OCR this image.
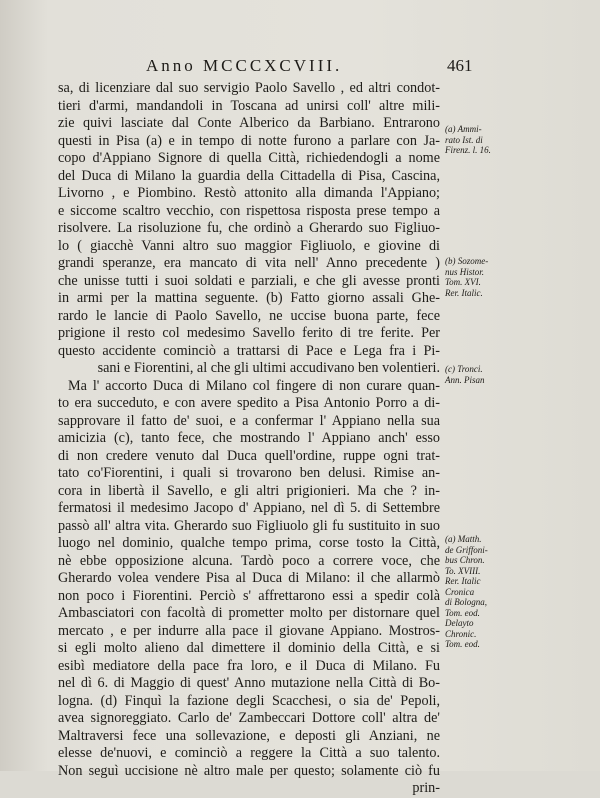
Anno MCCCXCVIII.	461
sa, di licenziare dal suo servigio Paolo Savello , ed altri condot-
tieri d'armi, mandandoli in Toscana ad unirsi coll' altre mili-
zie quivi lasciate dal Conte Alberico da Barbiano. Entrarono
questi in Pisa (a) e in tempo di notte furono a parlare con Ja-
copo d'Appiano Signore di quella Città, richiedendogli a nome
del Duca di Milano la guardia della Cittadella di Pisa, Cascina,
Livorno , e Piombino. Restò attonito alla dimanda l'Appiano;
e siccome scaltro vecchio, con rispettosa risposta prese tempo a
risolvere. La risoluzione fu, che ordinò a Gherardo suo Figliuo-
lo ( giacchè Vanni altro suo maggior Figliuolo, e giovine di
grandi speranze, era mancato di vita nell' Anno precedente )
che unisse tutti i suoi soldati e parziali, e che gli avesse pronti
in armi per la mattina seguente. (b) Fatto giorno assali Ghe-
rardo le lancie di Paolo Savello, ne uccise buona parte, fece
prigione il resto col medesimo Savello ferito di tre ferite. Per
questo accidente cominciò a trattarsi di Pace e Lega fra i Pi-
sani e Fiorentini, al che gli ultimi accudivano ben volentieri.
Ma l' accorto Duca di Milano col fingere di non curare quan-
to era succeduto, e con avere spedito a Pisa Antonio Porro a di-
sapprovare il fatto de' suoi, e a confermar l' Appiano nella sua
amicizia (c), tanto fece, che mostrando l' Appiano anch' esso
di non credere venuto dal Duca quell'ordine, ruppe ogni trat-
tato co'Fiorentini, i quali si trovarono ben delusi. Rimise an-
cora in libertà il Savello, e gli altri prigionieri. Ma che ? in-
fermatosi il medesimo Jacopo d' Appiano, nel dì 5. di Settembre
passò all' altra vita. Gherardo suo Figliuolo gli fu sustituito in suo
luogo nel dominio, qualche tempo prima, corse tosto la Città,
nè ebbe opposizione alcuna. Tardò poco a correre voce, che
Gherardo volea vendere Pisa al Duca di Milano: il che allarmò
non poco i Fiorentini. Perciò s' affrettarono essi a spedir colà
Ambasciatori con facoltà di prometter molto per distornare quel
mercato , e per indurre alla pace il giovane Appiano. Mostros-
si egli molto alieno dal dimettere il dominio della Città, e si
esibì mediatore della pace fra loro, e il Duca di Milano. Fu
nel dì 6. di Maggio di quest' Anno mutazione nella Città di Bo-
logna. (d) Finquì la fazione degli Scacchesi, o sia de' Pepoli,
avea signoreggiato. Carlo de' Zambeccari Dottore coll' altra de'
Maltraversi fece una sollevazione, e deposti gli Anziani, ne
elesse de'nuovi, e cominciò a reggere la Città a suo talento.
Non seguì uccisione nè altro male per questo; solamente ciò fu
prin-
(a) Ammi-
rato Ist. di
Firenz. l. 16.
(b) Sozome-
nus Histor.
Tom. XVI.
Rer. Italic.
(c) Tronci.
Ann. Pisan
(a) Matth.
de Griffoni-
bus Chron.
To. XVIII.
Rer. Italic
Cronica
di Bologna,
Tom. eod.
Delayto
Chronic.
Tom. eod.
